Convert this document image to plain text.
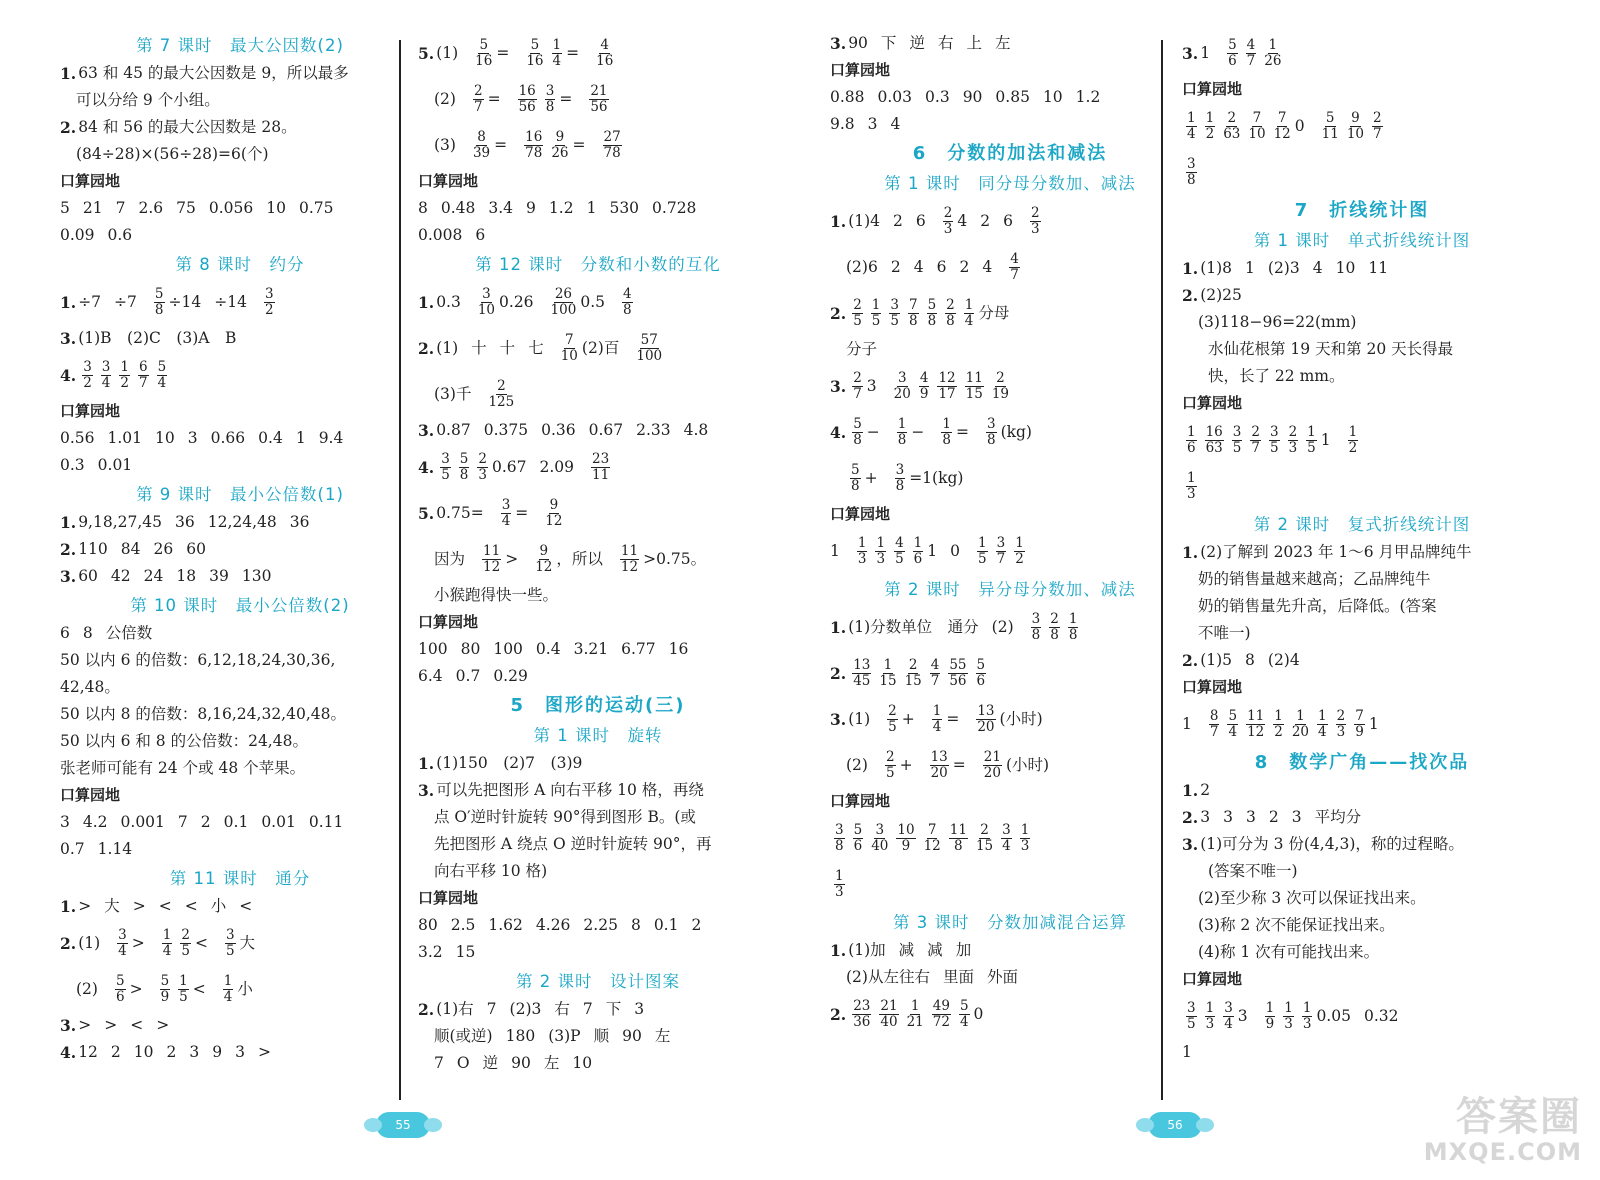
第 7 课时　最大公因数(2)
1. 63 和 45 的最大公因数是 9，所以最多
可以分给 9 个小组。
2. 84 和 56 的最大公因数是 28。
(84÷28)×(56÷28)=6(个)
口算园地
5 21 7 2.6 75 0.056 10 0.75
0.09 0.6
第 8 课时　约分
1. $\div 7 \div 7 \frac{5}{8} \div 14 \div 14 \frac{3}{2}$
3. (1)B　(2)C　(3)A　B
4. $\frac{3}{2} \frac{3}{4} \frac{1}{2} \frac{6}{7} \frac{5}{4}$
口算园地
0.56 1.01 10 3 0.66 0.4 1 9.4
0.3 0.01
第 9 课时　最小公倍数(1)
1. 9,18,27,45 36 12,24,48 36
2. 110 84 26 60
3. 60 42 24 18 39 130
第 10 课时　最小公倍数(2)
6 8 公倍数
50 以内 6 的倍数：6,12,18,24,30,36,
42,48。
50 以内 8 的倍数：8,16,24,32,40,48。
50 以内 6 和 8 的公倍数：24,48。
张老师可能有 24 个或 48 个苹果。
口算园地
3 4.2 0.001 7 2 0.1 0.01 0.11
0.7 1.14
第 11 课时　通分
1. > 大 > < < 小 <
2. $(1) \frac{3}{4} > \frac{1}{4} \frac{2}{5} < \frac{3}{5}$ 大
$(2) \frac{5}{6} > \frac{5}{9} \frac{1}{5} < \frac{1}{4}$ 小
3. > > < >
4. 12 2 10 2 3 9 3 >
5. $(1) \frac{5}{16} = \frac{5}{16} \frac{1}{4} = \frac{4}{16}$
$(2) \frac{2}{7} = \frac{16}{56} \frac{3}{8} = \frac{21}{56}$
$(3) \frac{8}{39} = \frac{16}{78} \frac{9}{26} = \frac{27}{78}$
口算园地
8 0.48 3.4 9 1.2 1 530 0.728
0.008 6
第 12 课时　分数和小数的互化
1. $0.3 \frac{3}{10} 0.26 \frac{26}{100} 0.5 \frac{4}{8}$
2. (1) 十 十 七 $\frac{7}{10} (2)$百 $\frac{57}{100}$
(3)千 $\frac{2}{125}$
3. 0.87 0.375 0.36 0.67 2.33 4.8
4. $\frac{3}{5} \frac{5}{8} \frac{2}{3} 0.67$ $2.09 \frac{23}{11}$
5. $0.75= \frac{3}{4} = \frac{9}{12}$
因为 $\frac{11}{12} > \frac{9}{12}$ ，所以 $\frac{11}{12} >0.75$。
小猴跑得快一些。
口算园地
100 80 100 0.4 3.21 6.77 16
6.4 0.7 0.29
5　图形的运动(三)
第 1 课时　旋转
1. (1)150　(2)7　(3)9
3. 可以先把图形 A 向右平移 10 格，再绕
点 O′逆时针旋转 90°得到图形 B。(或
先把图形 A 绕点 O 逆时针旋转 90°，再
向右平移 10 格)
口算园地
80 2.5 1.62 4.26 2.25 8 0.1 2
3.2 15
第 2 课时　设计图案
2. (1)右 7 (2)3 右 7 下 3
顺(或逆) 180 (3)P 顺 90 左
7 O 逆 90 左 10
55
3. 90 下 逆 右 上 左
口算园地
0.88 0.03 0.3 90 0.85 10 1.2
9.8 3 4
6　分数的加法和减法
第 1 课时　同分母分数加、减法
1. (1)4 2 $6 \frac{2}{3} 4$ 2 $6 \frac{2}{3}$
(2)6 2 4 6 2 $4 \frac{4}{7}$
2. $\frac{2}{5} \frac{1}{5} \frac{3}{5} \frac{7}{8} \frac{5}{8} \frac{2}{8} \frac{1}{4}$ 分母
分子
3. $\frac{2}{7} 3 \frac{3}{20} \frac{4}{9} \frac{12}{17} \frac{11}{15} \frac{2}{19}$
4. $\frac{5}{8} - \frac{1}{8} - \frac{1}{8} = \frac{3}{8} (kg)$
$\frac{5}{8} + \frac{3}{8} =1(kg)$
口算园地
$1 \frac{1}{3} \frac{1}{3} \frac{4}{5} \frac{1}{6} 1$ $0 \frac{1}{5} \frac{3}{7} \frac{1}{2}$
第 2 课时　异分母分数加、减法
1. (1)分数单位　通分 $(2) \frac{3}{8} \frac{2}{8} \frac{1}{8}$
2. $\frac{13}{45} \frac{1}{15} \frac{2}{15} \frac{4}{7} \frac{55}{56} \frac{5}{6}$
3. $(1) \frac{2}{5} + \frac{1}{4} = \frac{13}{20}$ (小时)
$(2) \frac{2}{5} + \frac{13}{20} = \frac{21}{20}$ (小时)
口算园地
$\frac{3}{8} \frac{5}{6} \frac{3}{40} \frac{10}{9} \frac{7}{12} \frac{11}{8} \frac{2}{15} \frac{3}{4} \frac{1}{3}$
$\frac{1}{3}$
第 3 课时　分数加减混合运算
1. (1)加 减 减 加
(2)从左往右 里面 外面
2. $\frac{23}{36} \frac{21}{40} \frac{1}{21} \frac{49}{72} \frac{5}{4} 0$
3. $1 \frac{5}{6} \frac{4}{7} \frac{1}{26}$
口算园地
$\frac{1}{4} \frac{1}{2} \frac{2}{63} \frac{7}{10} \frac{7}{12} 0 \frac{5}{11} \frac{9}{10} \frac{2}{7}$
$\frac{3}{8}$
7　折线统计图
第 1 课时　单式折线统计图
1. (1)8 1 (2)3 4 10 11
2. (2)25
(3)118−96=22(mm)
水仙花根第 19 天和第 20 天长得最
快，长了 22 mm。
口算园地
$\frac{1}{6} \frac{16}{63} \frac{3}{5} \frac{2}{7} \frac{3}{5} \frac{2}{3} \frac{1}{5} 1 \frac{1}{2}$
$\frac{1}{3}$
第 2 课时　复式折线统计图
1. (2)了解到 2023 年 1～6 月甲品牌纯牛
奶的销售量越来越高；乙品牌纯牛
奶的销售量先升高，后降低。(答案
不唯一)
2. (1)5 8 (2)4
口算园地
$1 \frac{8}{7} \frac{5}{4} \frac{11}{12} \frac{1}{2} \frac{1}{20} \frac{1}{4} \frac{2}{3} \frac{7}{9} 1$
8　数学广角——找次品
1. 2
2. 3 3 3 2 3 平均分
3. (1)可分为 3 份(4,4,3)，称的过程略。
(答案不唯一)
(2)至少称 3 次可以保证找出来。
(3)称 2 次不能保证找出来。
(4)称 1 次有可能找出来。
口算园地
$\frac{3}{5} \frac{1}{3} \frac{3}{4} 3 \frac{1}{9} \frac{1}{3} \frac{1}{3} 0.05$ 0.32
1
56	答案圈
MXQE.COM
